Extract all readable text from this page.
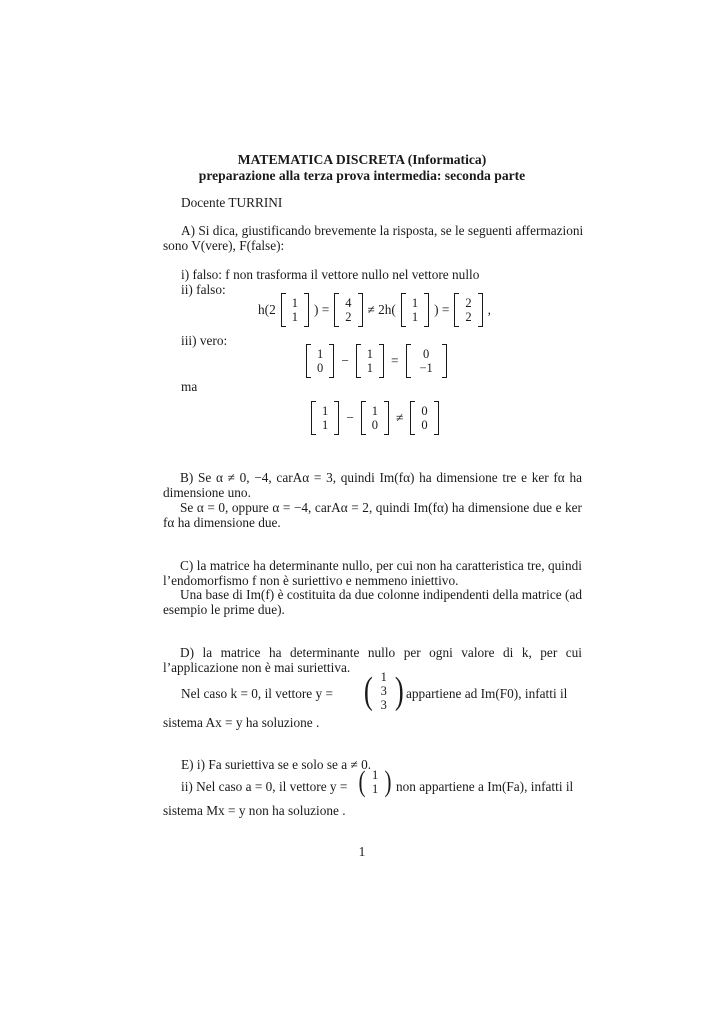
MATEMATICA DISCRETA (Informatica)
preparazione alla terza prova intermedia: seconda parte
Docente TURRINI
A) Si dica, giustificando brevemente la risposta, se le seguenti affermazioni
sono V(vere), F(false):
i) falso: f non trasforma il vettore nullo nel vettore nullo
ii) falso:
h(2 1
1 ) = 4
2 ≠ 2h( 1
1 ) = 2
2 ,
iii) vero:
1
0 − 1
1 = 0
−1
ma
1
1 − 1
0 ≠ 0
0
B) Se α ≠ 0, −4, carAα = 3, quindi Im(fα) ha dimensione tre e ker fα ha dimensione uno.
Se α = 0, oppure α = −4, carAα = 2, quindi Im(fα) ha dimensione due e ker fα ha dimensione due.
C) la matrice ha determinante nullo, per cui non ha caratteristica tre, quindi l’endomorfismo f non è suriettivo e nemmeno iniettivo.
Una base di Im(f) è costituita da due colonne indipendenti della matrice (ad esempio le prime due).
D) la matrice ha determinante nullo per ogni valore di k, per cui l’applicazione non è mai suriettiva.
Nel caso k = 0, il vettore y = ( 1
3
3 ) appartiene ad Im(F0), infatti il
sistema Ax = y ha soluzione .
E) i) Fa suriettiva se e solo se a ≠ 0.
ii) Nel caso a = 0, il vettore y = ( 1
1 ) non appartiene a Im(Fa), infatti il
sistema Mx = y non ha soluzione .
1
